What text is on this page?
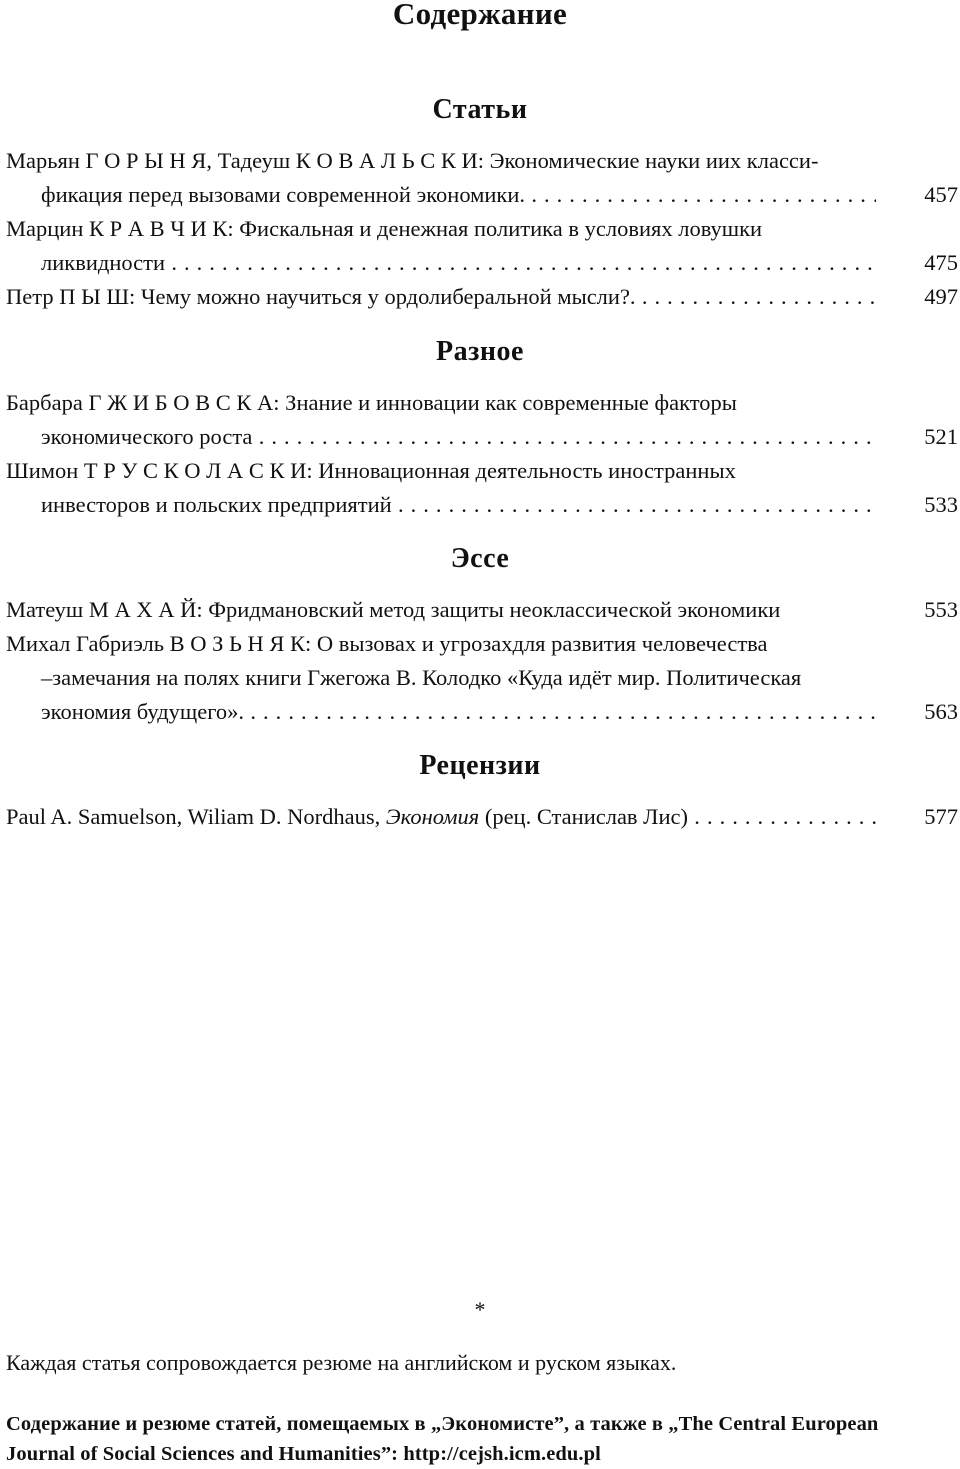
Содержание
Статьи
Марьян Г О Р Ы Н Я, Тадеуш К О В А Л Ь С К И: Экономические науки иих класси-
фикация перед вызовами современной экономики. . . .	457
Марцин К Р А В Ч И К: Фискальная и денежная политика в условиях ловушки
ликвидности . . .	475
Петр П Ы Ш: Чему можно научиться у ордолиберальной мысли?. . . .	497
Разное
Барбара Г Ж И Б О В С К А: Знание и инновации как современные факторы
экономического роста . . .	521
Шимон Т Р У С К О Л А С К И: Инновационная деятельность иностранных
инвесторов и польских предприятий . . .	533
Эссе
Матеуш М А Х А Й: Фридмановский метод защиты неоклассической экономики	553
Михал Габриэль В О З Ь Н Я К: О вызовах и угрозахдля развития человечества
–замечания на полях книги Гжегожа В. Колодко «Куда идёт мир. Политическая
экономия будущего». . . .	563
Рецензии
Paul A. Samuelson, Wiliam D. Nordhaus, Экономия (рец. Станислав Лис) . . .	577
*
Каждая статья сопровождается резюме на английском и руском языках.
Содержание и резюме статей, помещаемых в „Экономисте”, а также в „The Central European
Journal of Social Sciences and Humanities”: http://cejsh.icm.edu.pl
